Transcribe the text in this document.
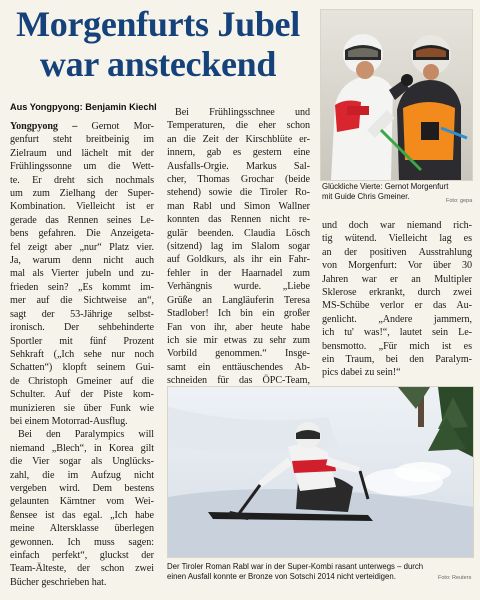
Morgenfurts Jubel
war ansteckend
Aus Yongpyong: Benjamin Kiechl
Yongpyong – Gernot Mor-
genfurt steht breitbeinig im
Zielraum und lächelt mit der
Frühlingssonne um die Wett-
te. Er dreht sich nochmals
um zum Zielhang der Super-
Kombination. Vielleicht ist er
gerade das Rennen seines Le-
bens gefahren. Die Anzeigeta-
fel zeigt aber „nur“ Platz vier.
Ja, warum denn nicht auch
mal als Vierter jubeln und zu-
frieden sein? „Es kommt im-
mer auf die Sichtweise an“,
sagt der 53-Jährige selbst-
ironisch. Der sehbehinderte
Sportler mit fünf Prozent
Sehkraft („Ich sehe nur noch
Schatten“) klopft seinem Gui-
de Christoph Gmeiner auf die
Schulter. Auf der Piste kom-
munizieren sie über Funk wie
bei einem Motorrad-Ausflug.
Bei den Paralympics will
niemand „Blech“, in Korea gilt
die Vier sogar als Unglücks-
zahl, die im Aufzug nicht
vergeben wird. Dem bestens
gelaunten Kärntner vom Wei-
ßensee ist das egal. „Ich habe
meine Altersklasse überlegen
gewonnen. Ich muss sagen:
einfach perfekt“, gluckst der
Team-Älteste, der schon zwei
Bücher geschrieben hat.
Bei Frühlingsschnee und
Temperaturen, die eher schon
an die Zeit der Kirschblüte er-
innern, gab es gestern eine
Ausfalls-Orgie. Markus Sal-
cher, Thomas Grochar (beide
stehend) sowie die Tiroler Ro-
man Rabl und Simon Wallner
konnten das Rennen nicht re-
gulär beenden. Claudia Lösch
(sitzend) lag im Slalom sogar
auf Goldkurs, als ihr ein Fahr-
fehler in der Haarnadel zum
Verhängnis wurde. „Liebe
Grüße an Langläuferin Teresa
Stadlober! Ich bin ein großer
Fan von ihr, aber heute habe
ich sie mir etwas zu sehr zum
Vorbild genommen.“ Insge-
samt ein enttäuschendes Ab-
schneiden für das ÖPC-Team,
Glückliche Vierte: Gernot Morgenfurt
mit Guide Chris Gmeiner.	Foto: gepa
und doch war niemand rich-
tig wütend. Vielleicht lag es
an der positiven Ausstrahlung
von Morgenfurt: Vor über 30
Jahren war er an Multipler
Sklerose erkrankt, durch zwei
MS-Schübe verlor er das Au-
genlicht. „Andere jammern,
ich tu' was!“, lautet sein Le-
bensmotto. „Für mich ist es
ein Traum, bei den Paralym-
pics dabei zu sein!“
Der Tiroler Roman Rabl war in der Super-Kombi rasant unterwegs – durch
einen Ausfall konnte er Bronze von Sotschi 2014 nicht verteidigen.	Foto: Reuters
